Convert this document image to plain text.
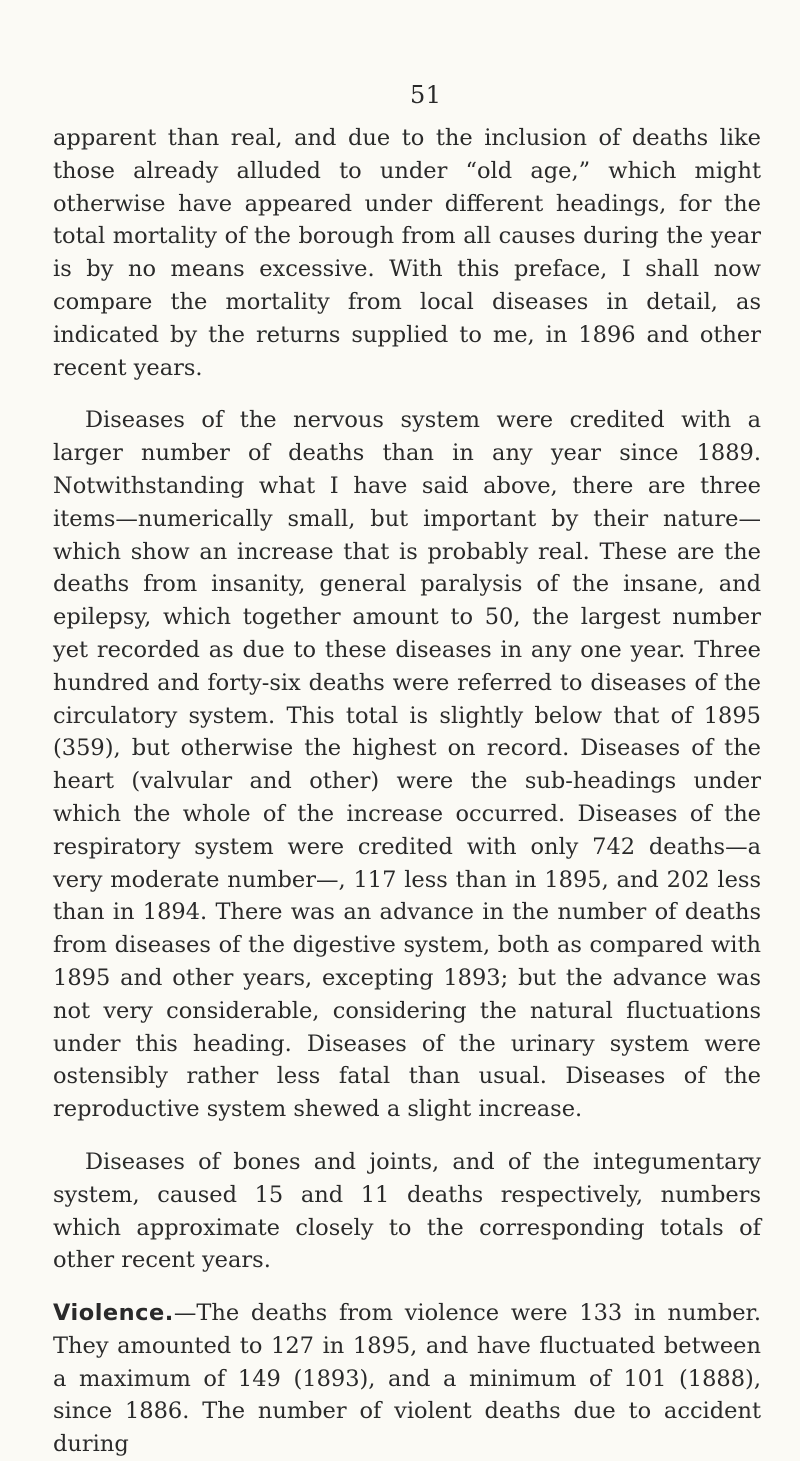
51

apparent than real, and due to the inclusion of deaths like those already alluded to under “old age,” which might otherwise have appeared under different headings, for the total mortality of the borough from all causes during the year is by no means excessive. With this preface, I shall now compare the mortality from local diseases in detail, as indicated by the returns supplied to me, in 1896 and other recent years.

Diseases of the nervous system were credited with a larger number of deaths than in any year since 1889. Notwithstanding what I have said above, there are three items—numerically small, but important by their nature—which show an increase that is probably real. These are the deaths from insanity, general paralysis of the insane, and epilepsy, which together amount to 50, the largest number yet recorded as due to these diseases in any one year. Three hundred and forty-six deaths were referred to diseases of the circulatory system. This total is slightly below that of 1895 (359), but otherwise the highest on record. Diseases of the heart (valvular and other) were the sub-headings under which the whole of the increase occurred. Diseases of the respiratory system were credited with only 742 deaths—a very moderate number—, 117 less than in 1895, and 202 less than in 1894. There was an advance in the number of deaths from diseases of the digestive system, both as compared with 1895 and other years, excepting 1893; but the advance was not very considerable, considering the natural fluctuations under this heading. Diseases of the urinary system were ostensibly rather less fatal than usual. Diseases of the reproductive system shewed a slight increase.

Diseases of bones and joints, and of the integumentary system, caused 15 and 11 deaths respectively, numbers which approximate closely to the corresponding totals of other recent years.

Violence.—The deaths from violence were 133 in number. They amounted to 127 in 1895, and have fluctuated between a maximum of 149 (1893), and a minimum of 101 (1888), since 1886. The number of violent deaths due to accident during
